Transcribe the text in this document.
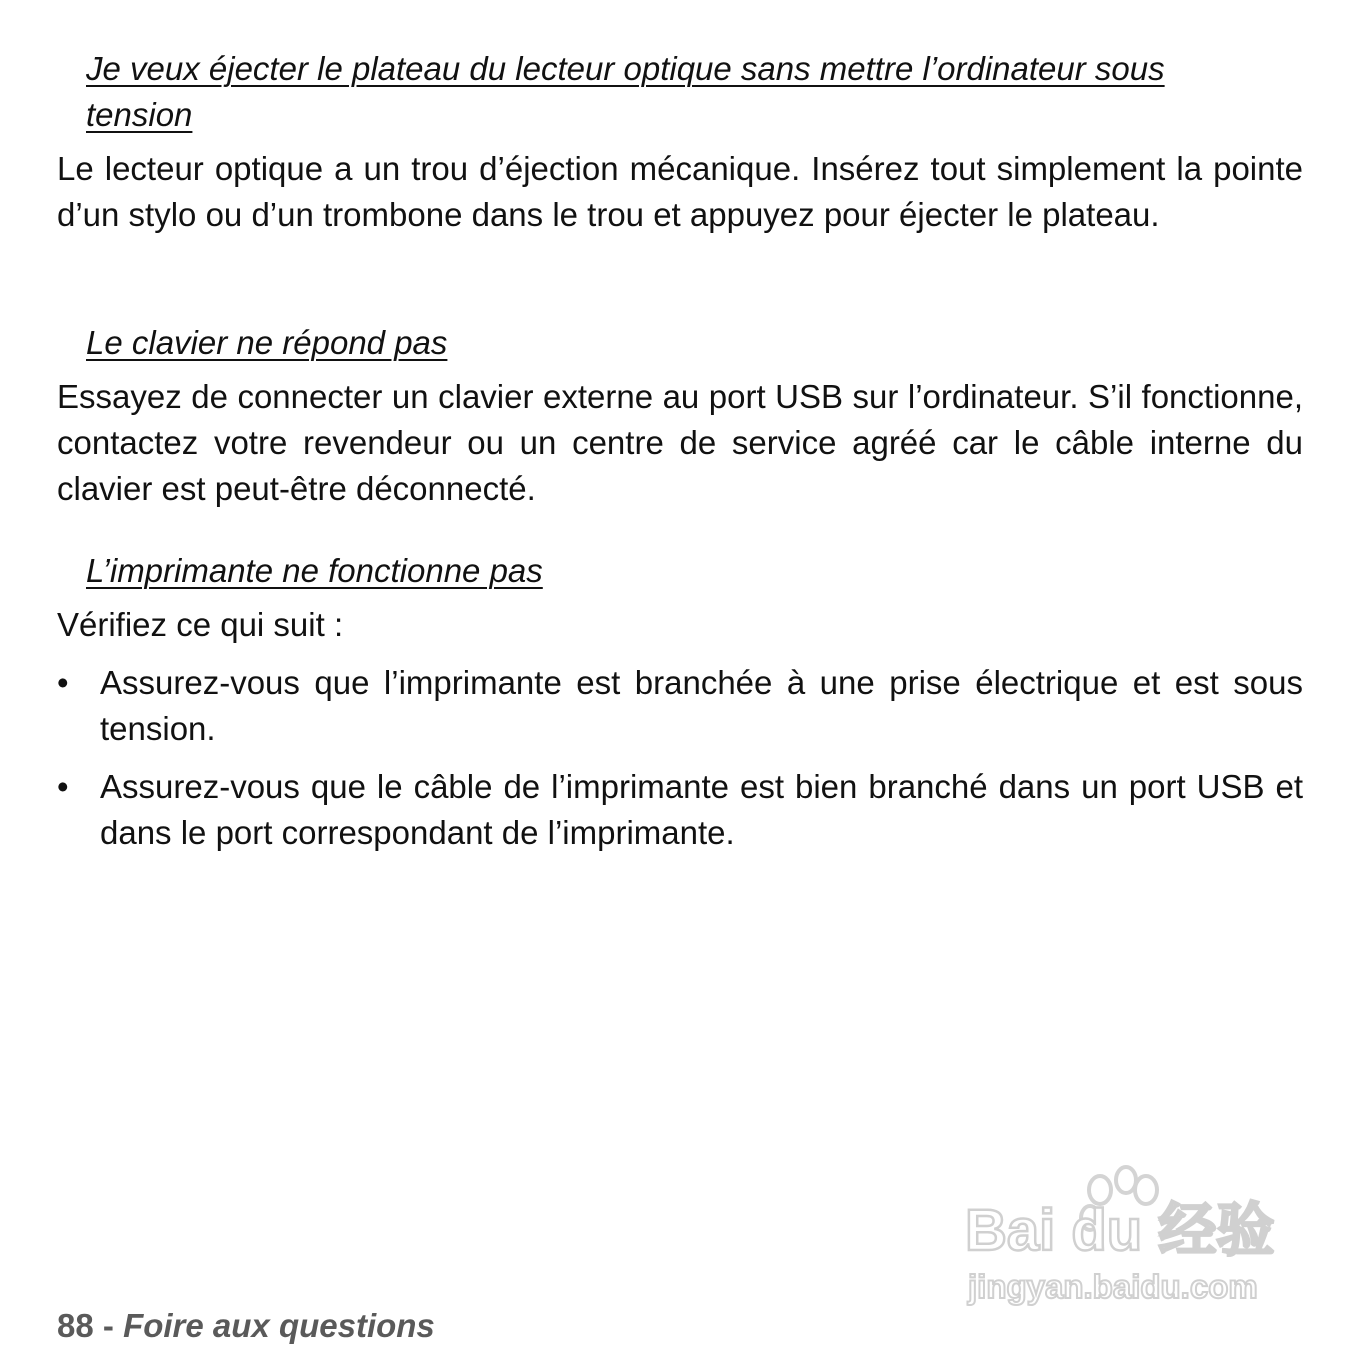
Je veux éjecter le plateau du lecteur optique sans mettre l’ordinateur sous tension

Le lecteur optique a un trou d’éjection mécanique. Insérez tout simplement la pointe d’un stylo ou d’un trombone dans le trou et appuyez pour éjecter le plateau.

Le clavier ne répond pas

Essayez de connecter un clavier externe au port USB sur l’ordinateur. S’il fonctionne, contactez votre revendeur ou un centre de service agréé car le câble interne du clavier est peut-être déconnecté.

L’imprimante ne fonctionne pas

Vérifiez ce qui suit :

• Assurez-vous que l’imprimante est branchée à une prise électrique et est sous tension.
• Assurez-vous que le câble de l’imprimante est bien branché dans un port USB et dans le port correspondant de l’imprimante.
Bai du 经验
jingyan.baidu.com
88 - Foire aux questions
